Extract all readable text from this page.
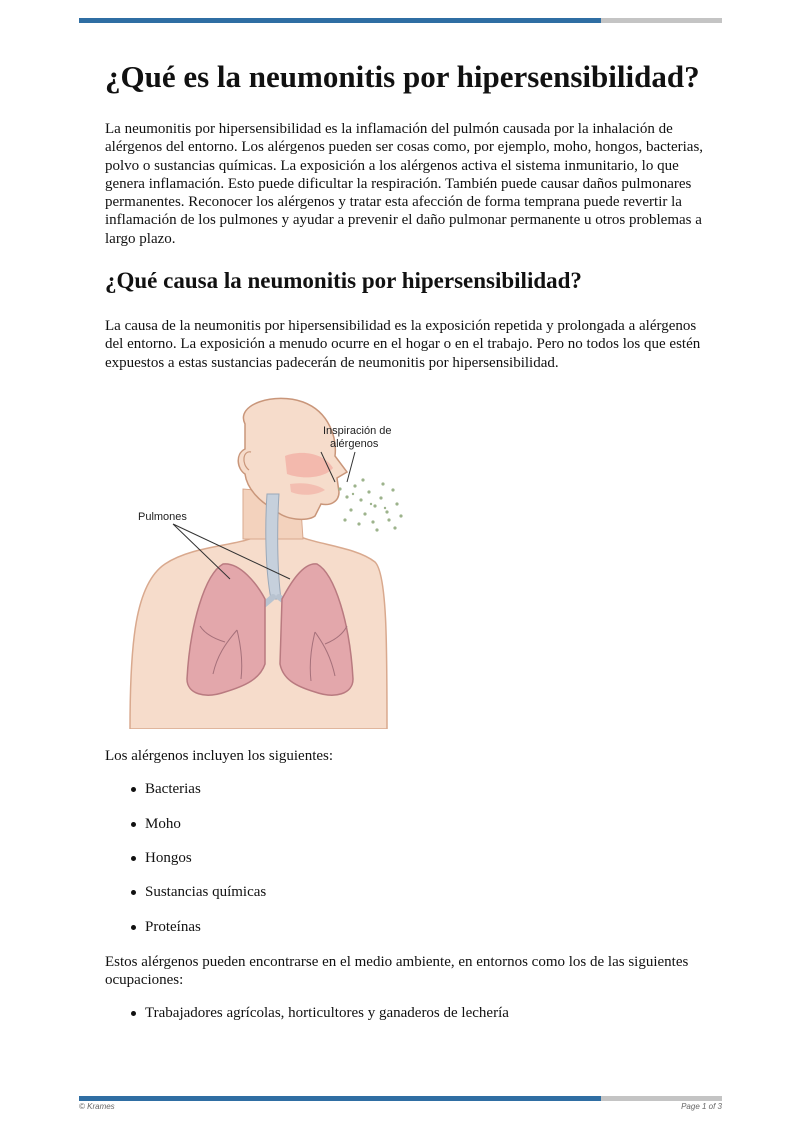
¿Qué es la neumonitis por hipersensibilidad?

La neumonitis por hipersensibilidad es la inflamación del pulmón causada por la inhalación de alérgenos del entorno. Los alérgenos pueden ser cosas como, por ejemplo, moho, hongos, bacterias, polvo o sustancias químicas. La exposición a los alérgenos activa el sistema inmunitario, lo que genera inflamación. Esto puede dificultar la respiración. También puede causar daños pulmonares permanentes. Reconocer los alérgenos y tratar esta afección de forma temprana puede revertir la inflamación de los pulmones y ayudar a prevenir el daño pulmonar permanente u otros problemas a largo plazo.

¿Qué causa la neumonitis por hipersensibilidad?

La causa de la neumonitis por hipersensibilidad es la exposición repetida y prolongada a alérgenos del entorno. La exposición a menudo ocurre en el hogar o en el trabajo. Pero no todos los que estén expuestos a estas sustancias padecerán de neumonitis por hipersensibilidad.

Inspiración de
alérgenos
Pulmones

Los alérgenos incluyen los siguientes:

Bacterias
Moho
Hongos
Sustancias químicas
Proteínas

Estos alérgenos pueden encontrarse en el medio ambiente, en entornos como los de las siguientes ocupaciones:

Trabajadores agrícolas, horticultores y ganaderos de lechería
© Krames	Page 1 of 3
